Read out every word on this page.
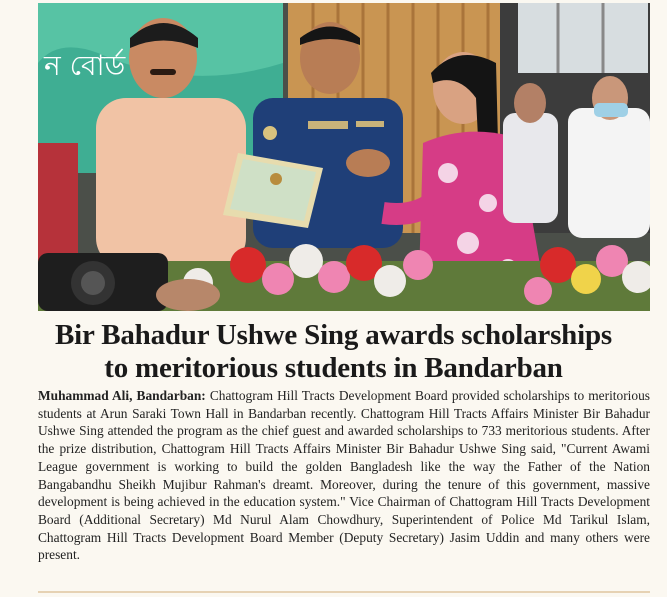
ন বোর্ড
Bir Bahadur Ushwe Sing awards scholarships
to meritorious students in Bandarban
Muhammad Ali, Bandarban: Chattogram Hill Tracts Development Board provided scholarships to meritorious students at Arun Saraki Town Hall in Bandarban recently. Chattogram Hill Tracts Affairs Minister Bir Bahadur Ushwe Sing attended the program as the chief guest and awarded scholarships to 733 meritorious students. After the prize distribution, Chattogram Hill Tracts Affairs Minister Bir Bahadur Ushwe Sing said, "Current Awami League government is working to build the golden Bangladesh like the way the Father of the Nation Bangabandhu Sheikh Mujibur Rahman's dreamt. Moreover, during the tenure of this government, massive development is being achieved in the education system." Vice Chairman of Chattogram Hill Tracts Development Board (Additional Secretary) Md Nurul Alam Chowdhury, Superintendent of Police Md Tarikul Islam, Chattogram Hill Tracts Development Board Member (Deputy Secretary) Jasim Uddin and many others were present.
